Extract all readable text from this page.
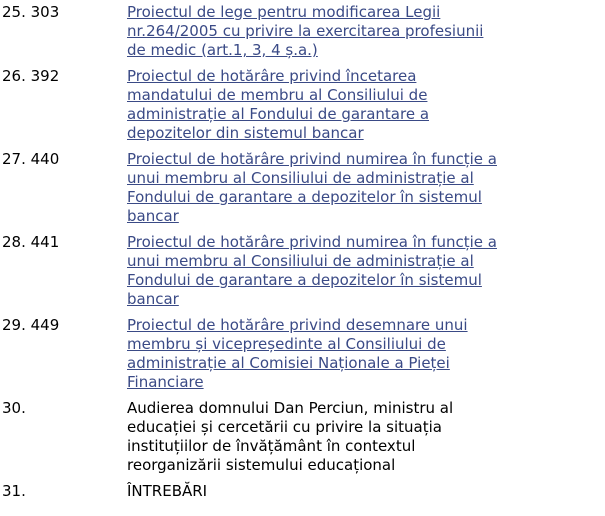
25. 303	Proiectul de lege pentru modificarea Legii
nr.264/2005 cu privire la exercitarea profesiunii
de medic (art.1, 3, 4 ș.a.)
26. 392	Proiectul de hotărâre privind încetarea
mandatului de membru al Consiliului de
administrație al Fondului de garantare a
depozitelor din sistemul bancar
27. 440	Proiectul de hotărâre privind numirea în funcție a
unui membru al Consiliului de administrație al
Fondului de garantare a depozitelor în sistemul
bancar
28. 441	Proiectul de hotărâre privind numirea în funcție a
unui membru al Consiliului de administrație al
Fondului de garantare a depozitelor în sistemul
bancar
29. 449	Proiectul de hotărâre privind desemnare unui
membru și vicepreședinte al Consiliului de
administrație al Comisiei Naționale a Pieței
Financiare
30.	Audierea domnului Dan Perciun, ministru al
educației și cercetării cu privire la situația
instituțiilor de învățământ în contextul
reorganizării sistemului educațional
31.	ÎNTREBĂRI
